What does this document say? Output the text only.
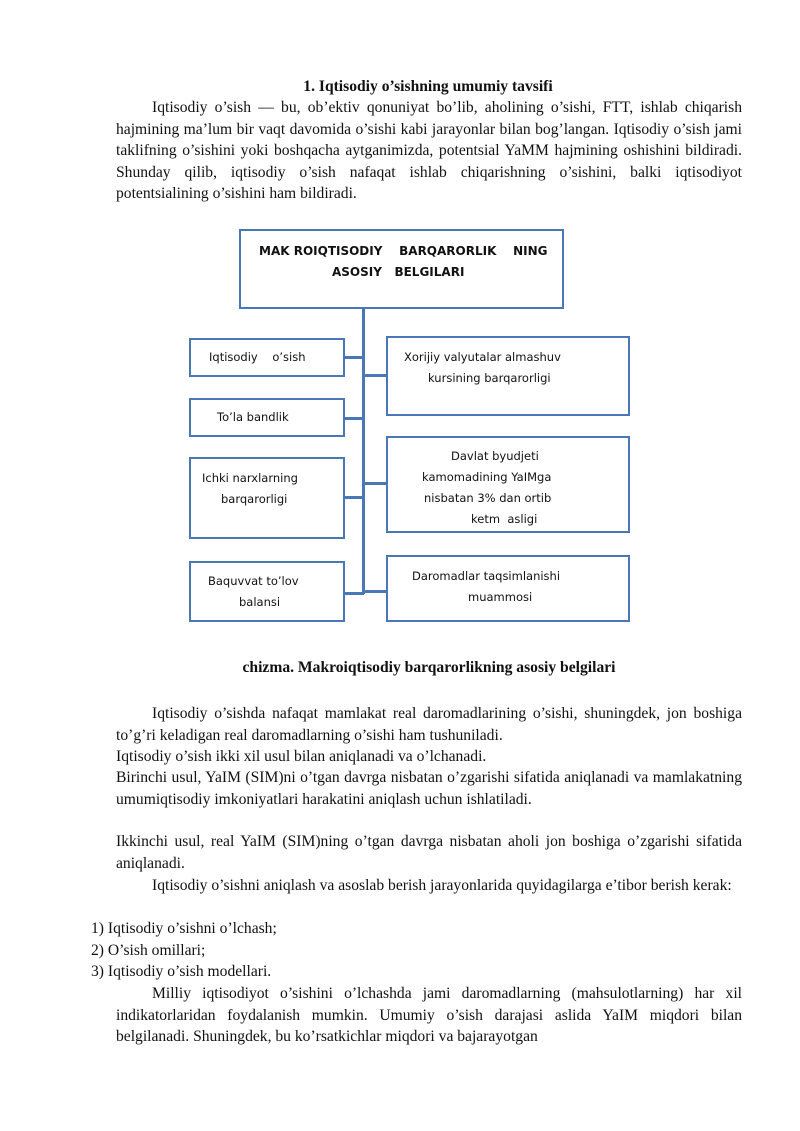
1. Iqtisodiy o’sishning umumiy tavsifi

Iqtisodiy o’sish — bu, ob’ektiv qonuniyat bo’lib, aholining o’sishi, FTT, ishlab chiqarish hajmining ma’lum bir vaqt davomida o’sishi kabi jarayonlar bilan bog’langan. Iqtisodiy o’sish jami taklifning o’sishini yoki boshqacha aytganimizda, potentsial YaMM hajmining oshishini bildiradi. Shunday qilib, iqtisodiy o’sish nafaqat ishlab chiqarishning o’sishini, balki iqtisodiyot potentsialining o’sishini ham bildiradi.

MAK ROIQTISODIY    BARQARORLIK    NING
ASOSIY   BELGILARI
Iqtisodiy    o’sish
To’la bandlik
Ichki narxlarning
barqarorligi
Baquvvat to’lov
balansi
Xorijiy valyutalar almashuv
kursining barqarorligi
Davlat byudjeti
kamomadining YaIMga
nisbatan 3% dan ortib
ketm  asligi
Daromadlar taqsimlanishi
muammosi

chizma. Makroiqtisodiy barqarorlikning asosiy belgilari

Iqtisodiy o’sishda nafaqat mamlakat real daromadlarining o’sishi, shuningdek, jon boshiga to’g’ri keladigan real daromadlarning o’sishi ham tushuniladi.

Iqtisodiy o’sish ikki xil usul bilan aniqlanadi va o’lchanadi.

Birinchi usul, YaIM (SIM)ni o’tgan davrga nisbatan o’zgarishi sifatida aniqlanadi va mamlakatning umumiqtisodiy imkoniyatlari harakatini aniqlash uchun ishlatiladi.

Ikkinchi usul, real YaIM (SIM)ning o’tgan davrga nisbatan aholi jon boshiga o’zgarishi sifatida aniqlanadi.

Iqtisodiy o’sishni aniqlash va asoslab berish jarayonlarida quyidagilarga e’tibor berish kerak:

1) Iqtisodiy o’sishni o’lchash;

2) O’sish omillari;

3) Iqtisodiy o’sish modellari.

Milliy iqtisodiyot o’sishini o’lchashda jami daromadlarning (mahsulotlarning) har xil indikatorlaridan foydalanish mumkin. Umumiy o’sish darajasi aslida YaIM miqdori bilan belgilanadi. Shuningdek, bu ko’rsatkichlar miqdori va bajarayotgan
